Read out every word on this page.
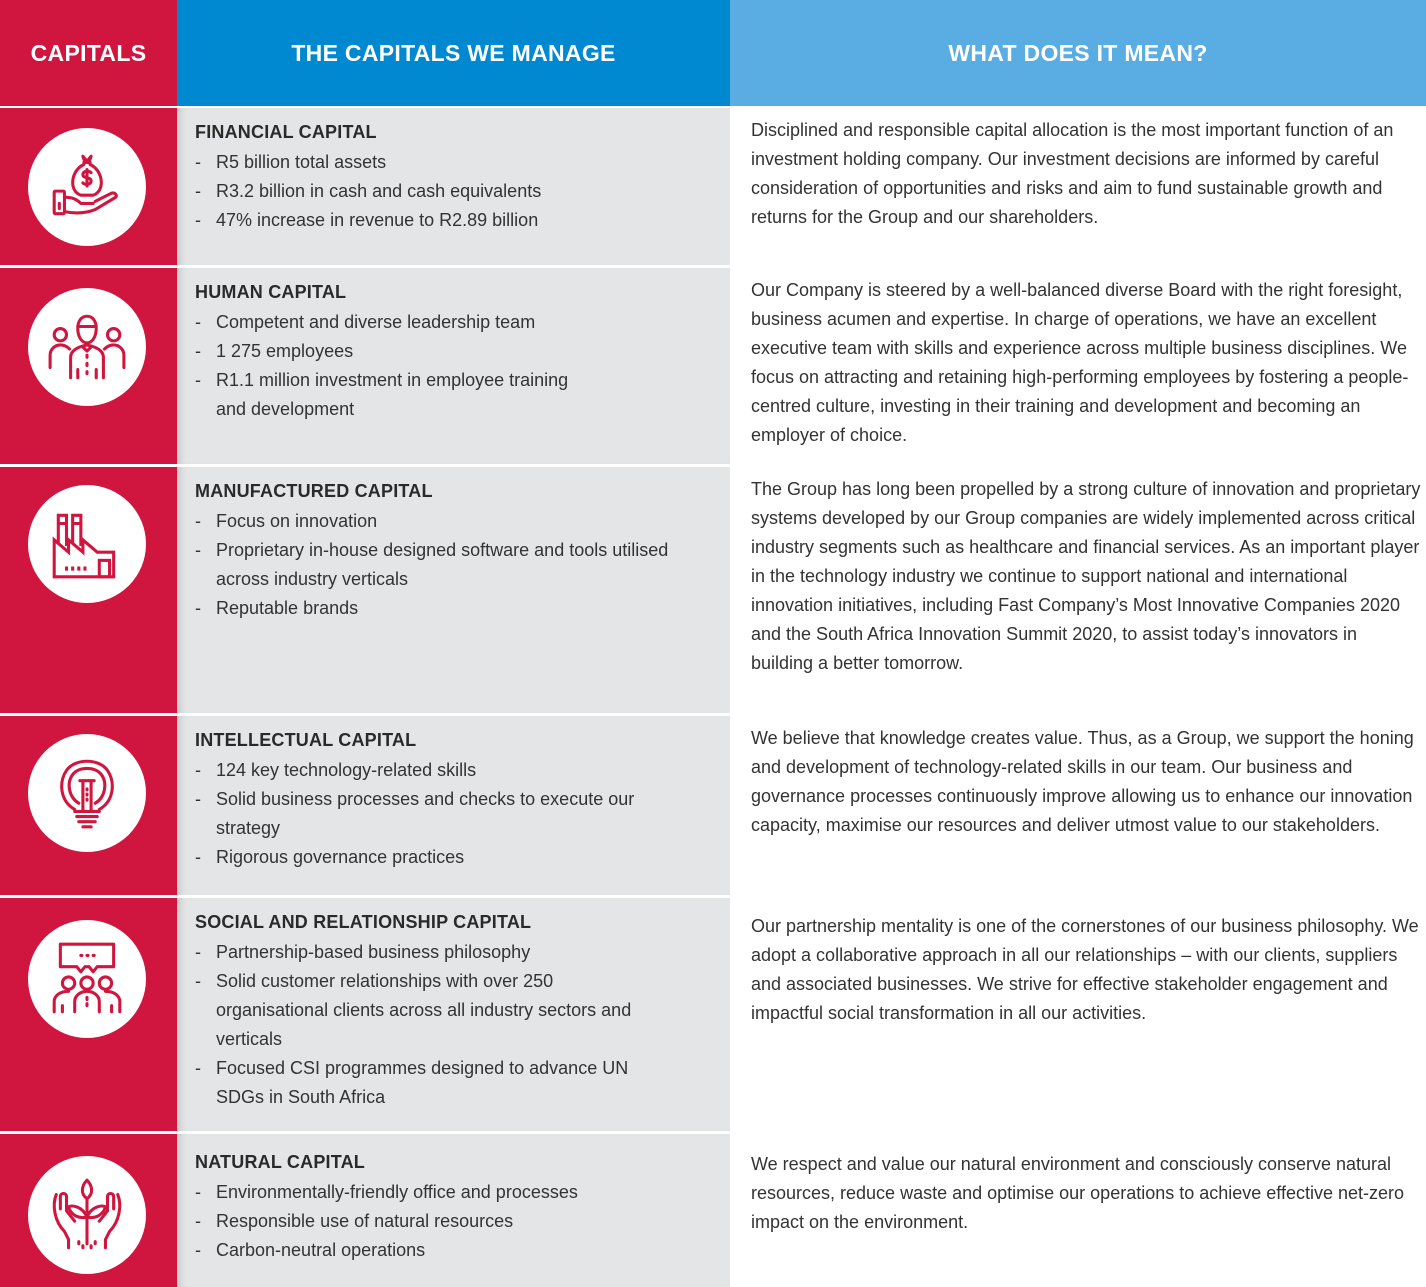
CAPITALS	THE CAPITALS WE MANAGE	WHAT DOES IT MEAN?
FINANCIAL CAPITAL
- R5 billion total assets
- R3.2 billion in cash and cash equivalents
- 47% increase in revenue to R2.89 billion

Disciplined and responsible capital allocation is the most important function of an investment holding company. Our investment decisions are informed by careful consideration of opportunities and risks and aim to fund sustainable growth and returns for the Group and our shareholders.

HUMAN CAPITAL
- Competent and diverse leadership team
- 1 275 employees
- R1.1 million investment in employee training and development

Our Company is steered by a well-balanced diverse Board with the right foresight, business acumen and expertise. In charge of operations, we have an excellent executive team with skills and experience across multiple business disciplines. We focus on attracting and retaining high-performing employees by fostering a people-centred culture, investing in their training and development and becoming an employer of choice.

MANUFACTURED CAPITAL
- Focus on innovation
- Proprietary in-house designed software and tools utilised across industry verticals
- Reputable brands

The Group has long been propelled by a strong culture of innovation and proprietary systems developed by our Group companies are widely implemented across critical industry segments such as healthcare and financial services. As an important player in the technology industry we continue to support national and international innovation initiatives, including Fast Company’s Most Innovative Companies 2020 and the South Africa Innovation Summit 2020, to assist today’s innovators in building a better tomorrow.

INTELLECTUAL CAPITAL
- 124 key technology-related skills
- Solid business processes and checks to execute our strategy
- Rigorous governance practices

We believe that knowledge creates value. Thus, as a Group, we support the honing and development of technology-related skills in our team. Our business and governance processes continuously improve allowing us to enhance our innovation capacity, maximise our resources and deliver utmost value to our stakeholders.

SOCIAL AND RELATIONSHIP CAPITAL
- Partnership-based business philosophy
- Solid customer relationships with over 250 organisational clients across all industry sectors and verticals
- Focused CSI programmes designed to advance UN SDGs in South Africa

Our partnership mentality is one of the cornerstones of our business philosophy. We adopt a collaborative approach in all our relationships – with our clients, suppliers and associated businesses. We strive for effective stakeholder engagement and impactful social transformation in all our activities.

NATURAL CAPITAL
- Environmentally-friendly office and processes
- Responsible use of natural resources
- Carbon-neutral operations

We respect and value our natural environment and consciously conserve natural resources, reduce waste and optimise our operations to achieve effective net-zero impact on the environment.
